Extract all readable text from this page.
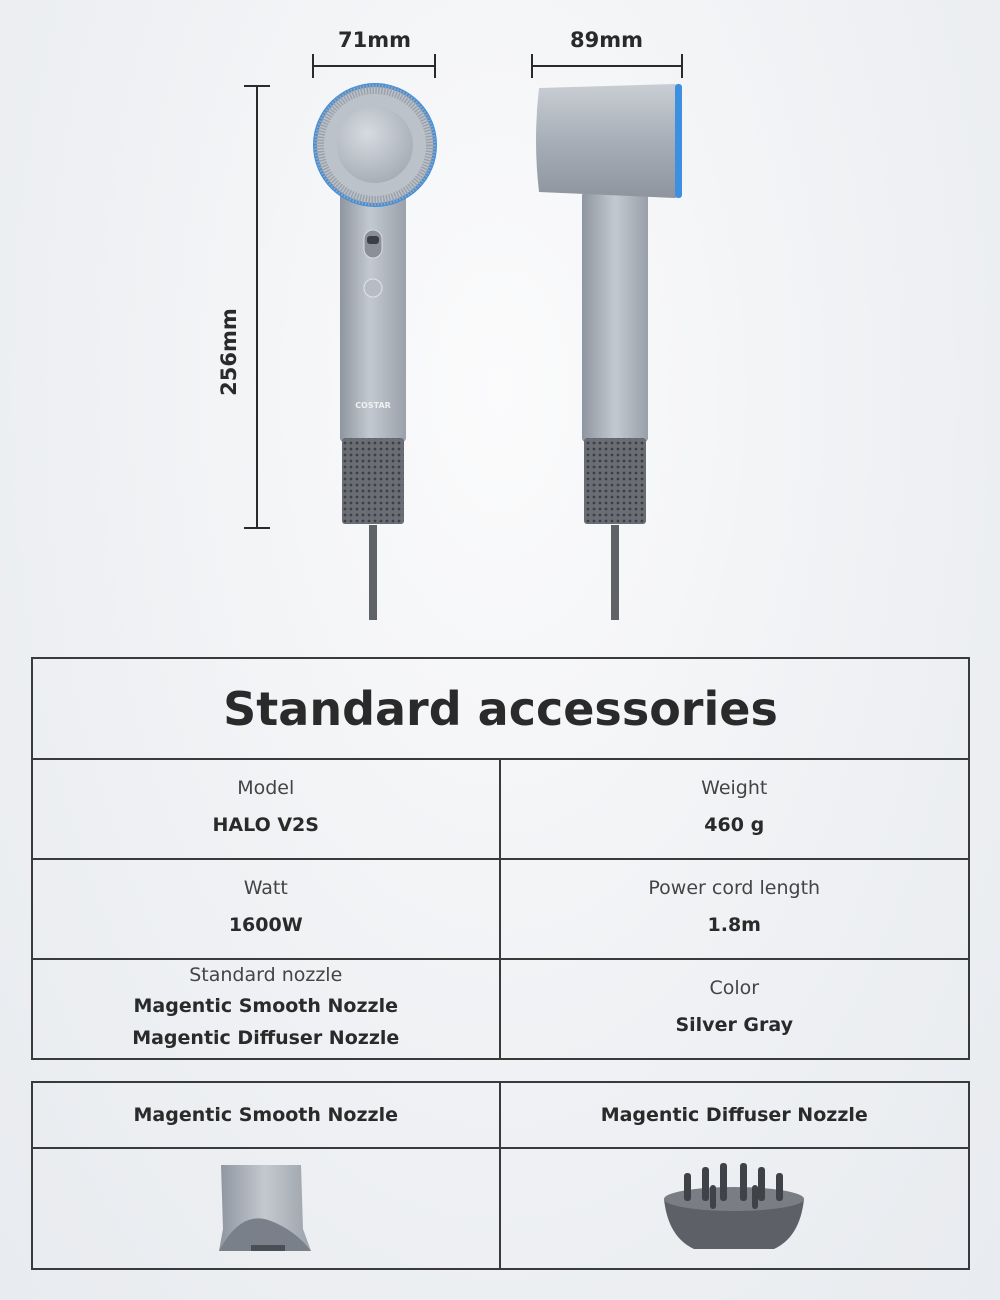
71mm	89mm
256mm
COSTAR
Standard accessories
Model
HALO V2S
Weight
460 g
Watt
1600W
Power cord length
1.8m
Standard nozzle
Magentic Smooth Nozzle
Magentic Diffuser Nozzle
Color
Silver Gray
Magentic Smooth Nozzle	Magentic Diffuser Nozzle
